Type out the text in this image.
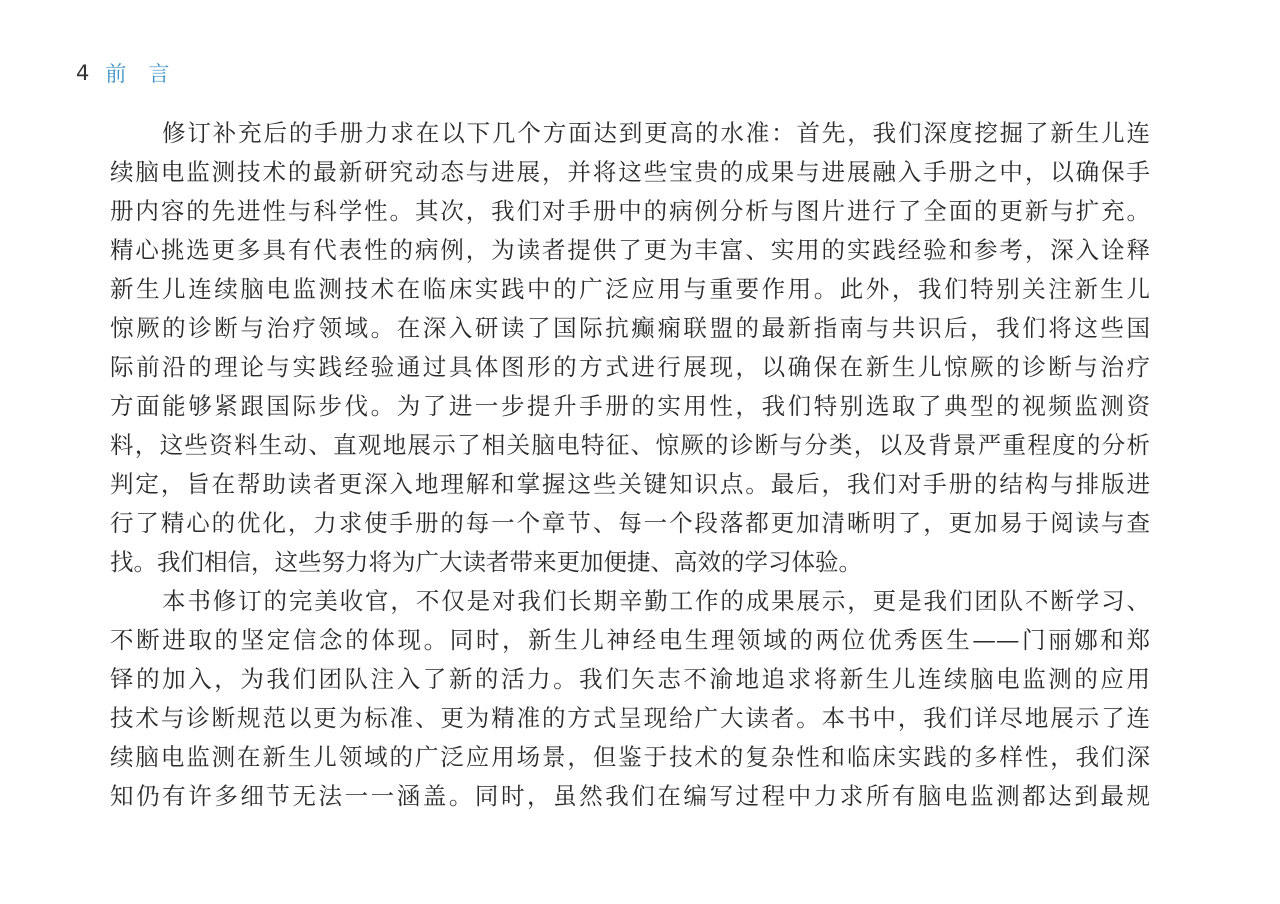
4 前言
修订补充后的手册力求在以下几个方面达到更高的水准：首先，我们深度挖掘了新生儿连
续脑电监测技术的最新研究动态与进展，并将这些宝贵的成果与进展融入手册之中，以确保手
册内容的先进性与科学性。其次，我们对手册中的病例分析与图片进行了全面的更新与扩充。
精心挑选更多具有代表性的病例，为读者提供了更为丰富、实用的实践经验和参考，深入诠释
新生儿连续脑电监测技术在临床实践中的广泛应用与重要作用。此外，我们特别关注新生儿
惊厥的诊断与治疗领域。在深入研读了国际抗癫痫联盟的最新指南与共识后，我们将这些国
际前沿的理论与实践经验通过具体图形的方式进行展现，以确保在新生儿惊厥的诊断与治疗
方面能够紧跟国际步伐。为了进一步提升手册的实用性，我们特别选取了典型的视频监测资
料，这些资料生动、直观地展示了相关脑电特征、惊厥的诊断与分类，以及背景严重程度的分析
判定，旨在帮助读者更深入地理解和掌握这些关键知识点。最后，我们对手册的结构与排版进
行了精心的优化，力求使手册的每一个章节、每一个段落都更加清晰明了，更加易于阅读与查
找。我们相信，这些努力将为广大读者带来更加便捷、高效的学习体验。
本书修订的完美收官，不仅是对我们长期辛勤工作的成果展示，更是我们团队不断学习、
不断进取的坚定信念的体现。同时，新生儿神经电生理领域的两位优秀医生——门丽娜和郑
铎的加入，为我们团队注入了新的活力。我们矢志不渝地追求将新生儿连续脑电监测的应用
技术与诊断规范以更为标准、更为精准的方式呈现给广大读者。本书中，我们详尽地展示了连
续脑电监测在新生儿领域的广泛应用场景，但鉴于技术的复杂性和临床实践的多样性，我们深
知仍有许多细节无法一一涵盖。同时，虽然我们在编写过程中力求所有脑电监测都达到最规
